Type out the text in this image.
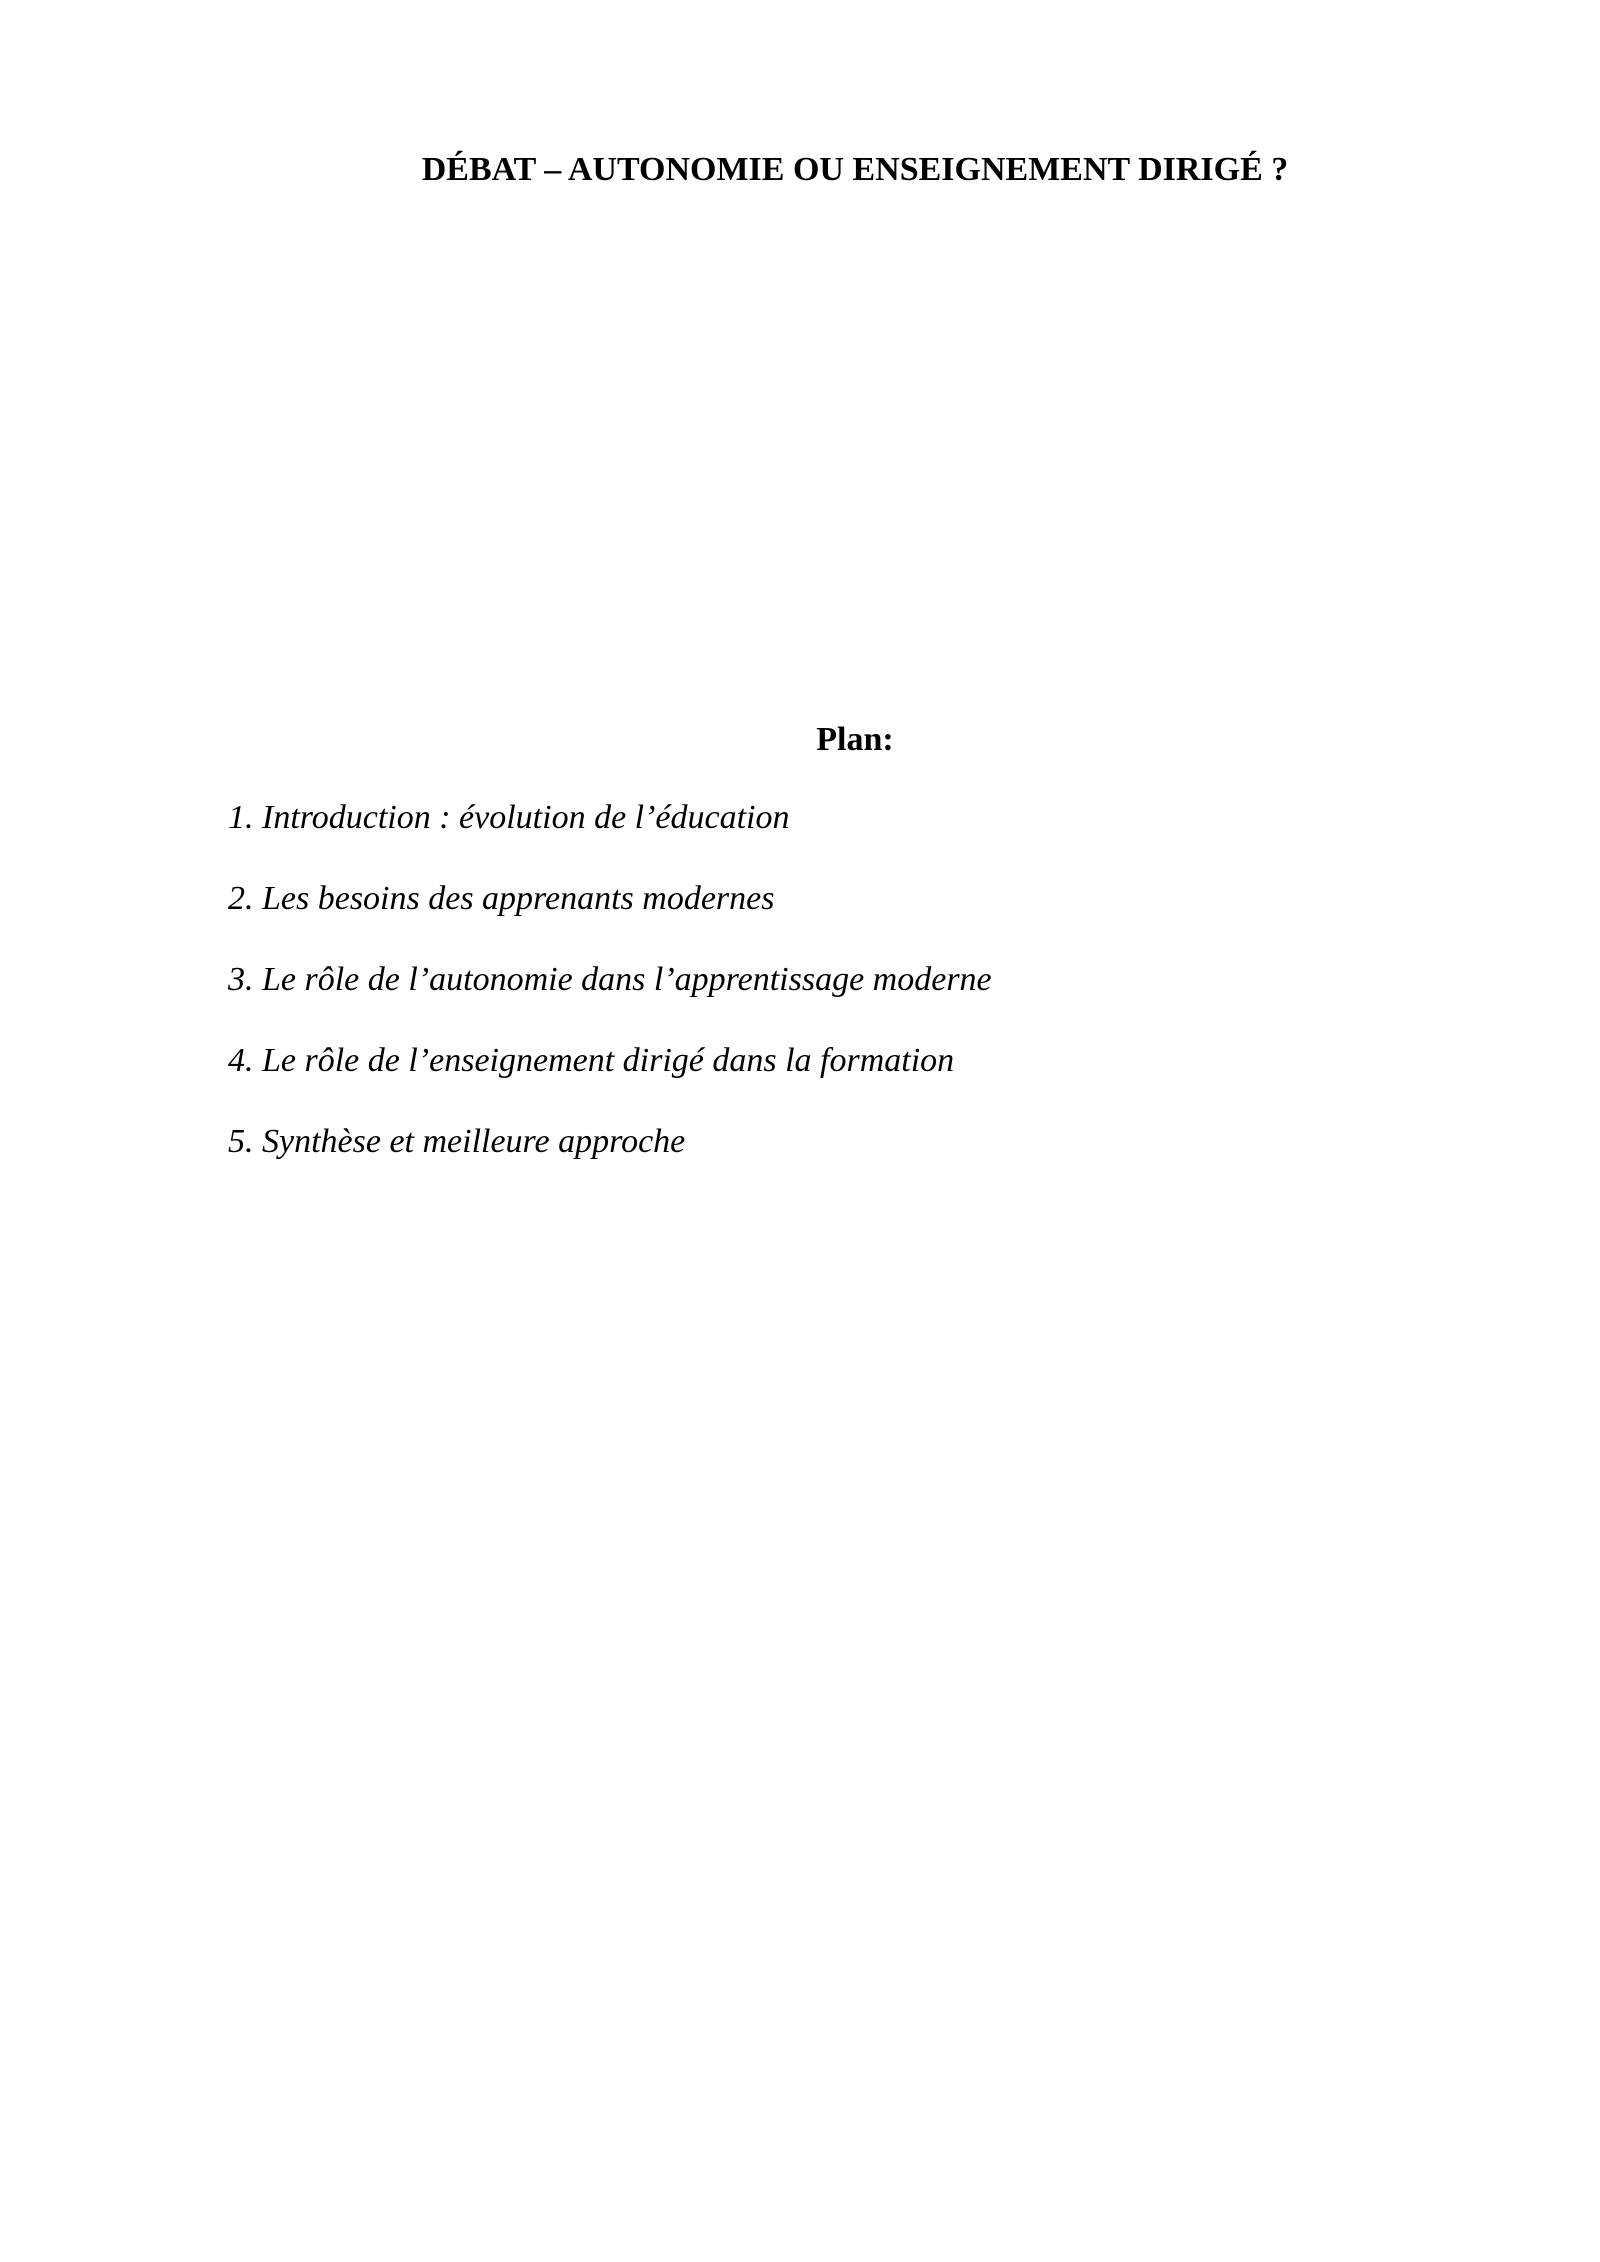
DÉBAT – AUTONOMIE OU ENSEIGNEMENT DIRIGÉ ?
Plan:
1. Introduction : évolution de l’éducation
2. Les besoins des apprenants modernes
3. Le rôle de l’autonomie dans l’apprentissage moderne
4. Le rôle de l’enseignement dirigé dans la formation
5. Synthèse et meilleure approche
